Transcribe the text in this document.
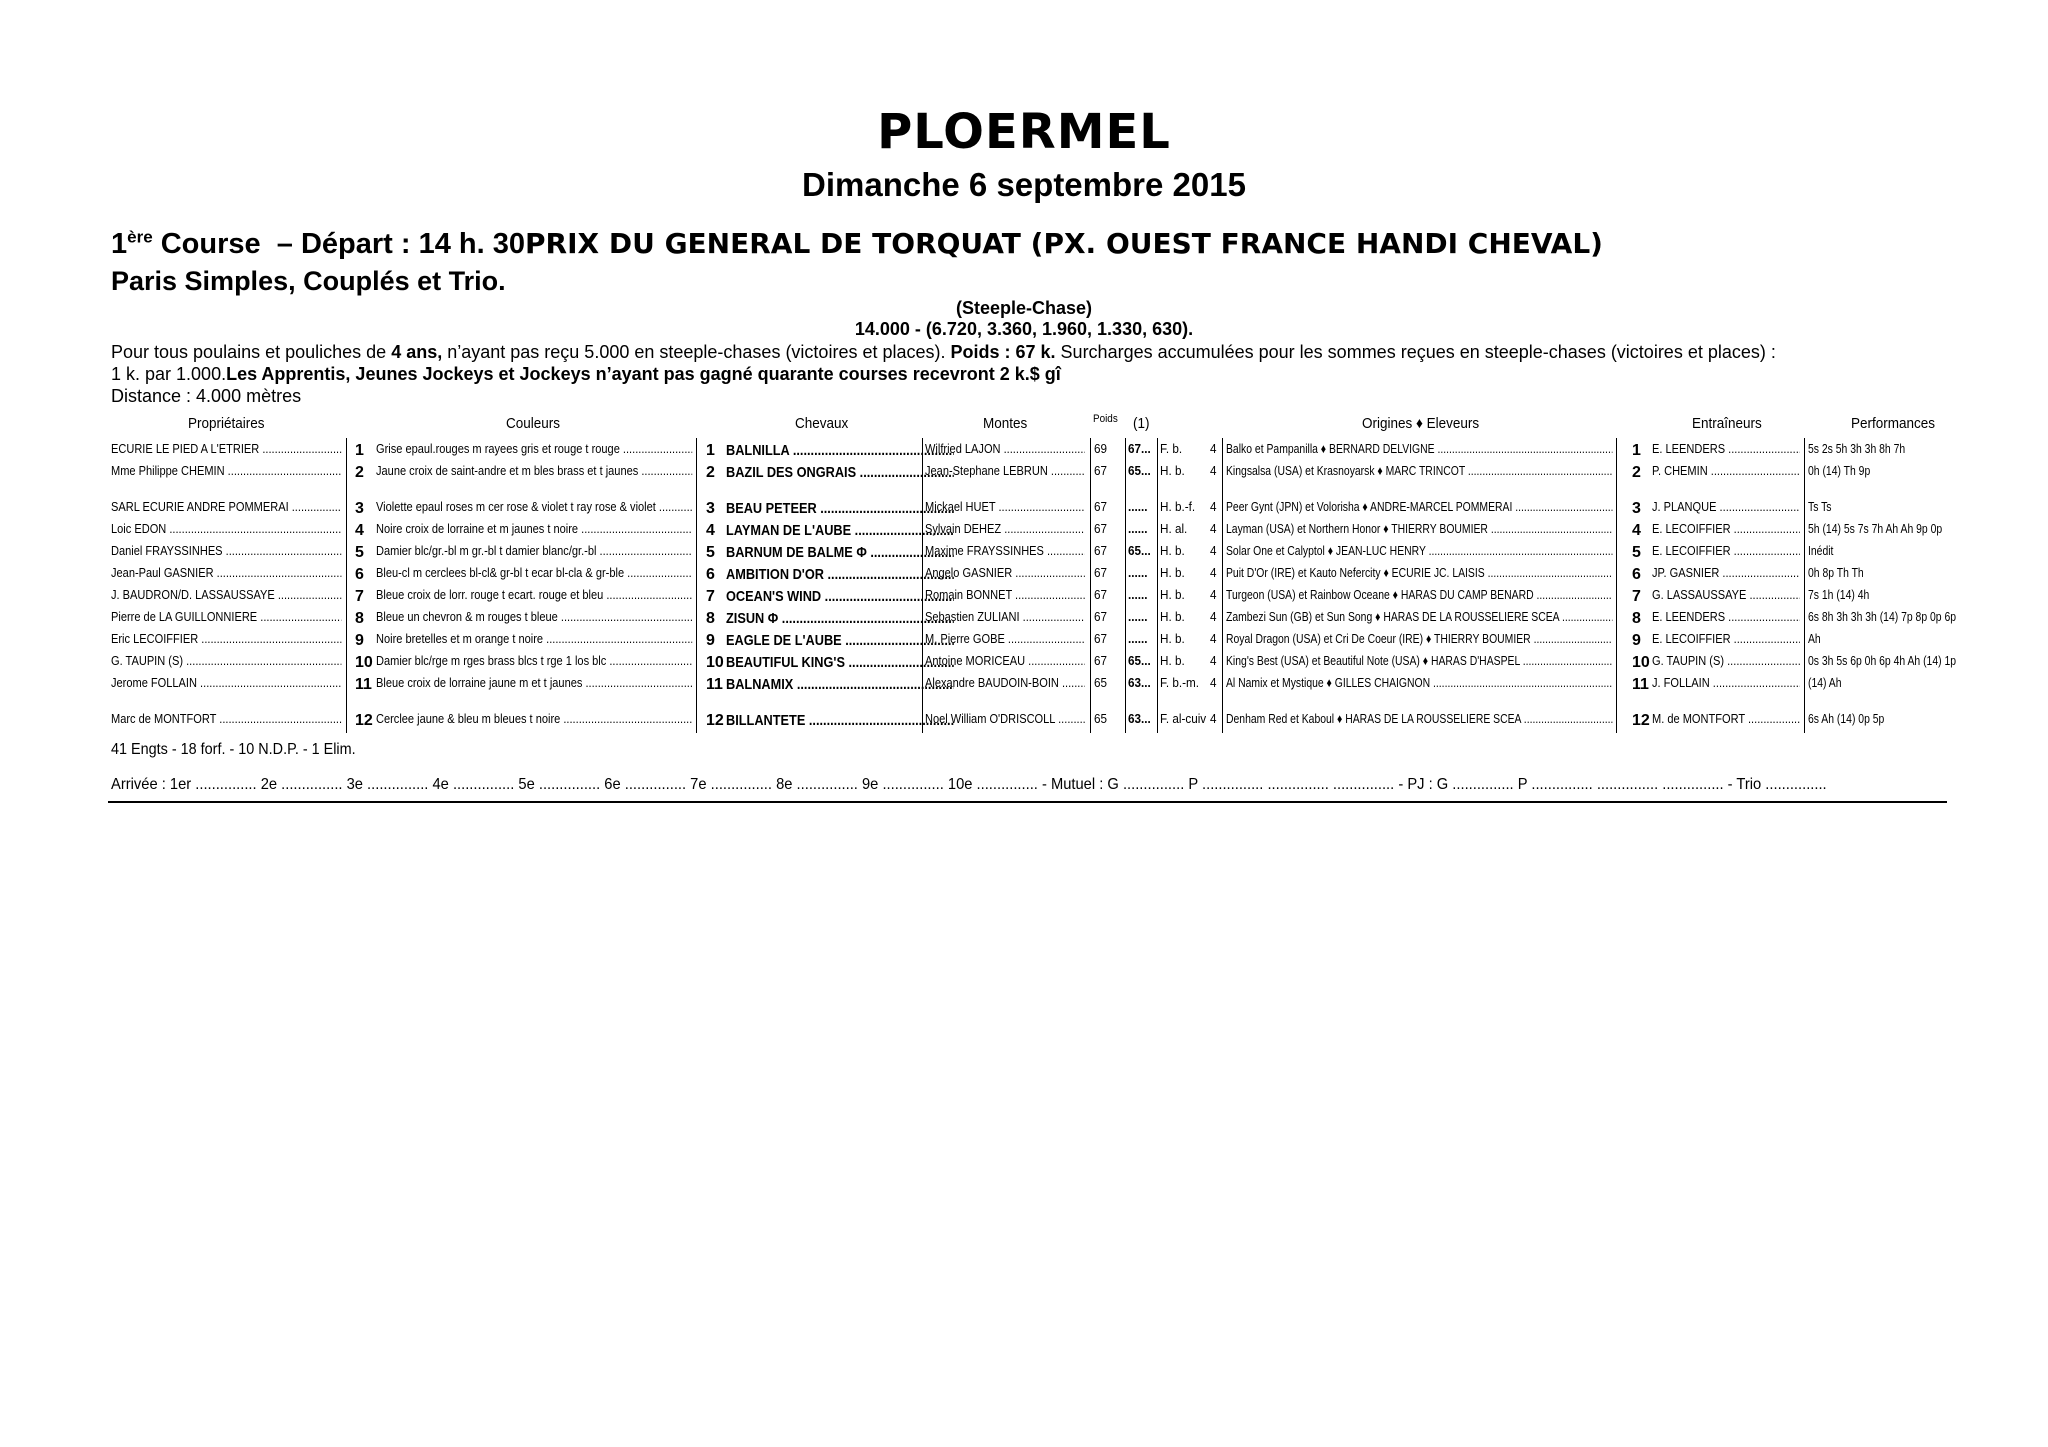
PLOERMEL
Dimanche 6 septembre 2015
1ère Course – Départ : 14 h. 30PRIX DU GENERAL DE TORQUAT (PX. OUEST FRANCE HANDI CHEVAL)
Paris Simples, Couplés et Trio.
(Steeple-Chase)
14.000 - (6.720, 3.360, 1.960, 1.330, 630).
Pour tous poulains et pouliches de 4 ans, n’ayant pas reçu 5.000 en steeple-chases (victoires et places). Poids : 67 k. Surcharges accumulées pour les sommes reçues en steeple-chases (victoires et places) :
1 k. par 1.000.Les Apprentis, Jeunes Jockeys et Jockeys n’ayant pas gagné quarante courses recevront 2 k.$ gî
Distance : 4.000 mètres
Propriétaires	Couleurs	Chevaux	Montes	Poids (1)	Origines ♦ Eleveurs	Entraîneurs	Performances
ECURIE LE PIED A L'ETRIER .....	1 Grise epaul.rouges m rayees gris et rouge t rouge .....	1 BALNILLA .....	Wilfried LAJON .....	69	67... F. b.	4 Balko et Pampanilla ♦ BERNARD DELVIGNE .....	1 E. LEENDERS .....	5s 2s 5h 3h 3h 8h 7h
Mme Philippe CHEMIN .....	2 Jaune croix de saint-andre et m bles brass et t jaunes .....	2 BAZIL DES ONGRAIS .....	Jean-Stephane LEBRUN .....	67	65... H. b.	4 Kingsalsa (USA) et Krasnoyarsk ♦ MARC TRINCOT .....	2 P. CHEMIN .....	0h (14) Th 9p
SARL ECURIE ANDRE POMMERAI .....	3 Violette epaul roses m cer rose & violet t ray rose & violet .....	3 BEAU PETEER .....	Mickael HUET .....	67	...... H. b.-f.	4 Peer Gynt (JPN) et Volorisha ♦ ANDRE-MARCEL POMMERAI .....	3 J. PLANQUE .....	Ts Ts
Loic EDON .....	4 Noire croix de lorraine et m jaunes t noire .....	4 LAYMAN DE L'AUBE .....	Sylvain DEHEZ .....	67	...... H. al.	4 Layman (USA) et Northern Honor ♦ THIERRY BOUMIER .....	4 E. LECOIFFIER .....	5h (14) 5s 7s 7h Ah Ah 9p 0p
Daniel FRAYSSINHES .....	5 Damier blc/gr.-bl m gr.-bl t damier blanc/gr.-bl .....	5 BARNUM DE BALME Φ .....	Maxime FRAYSSINHES .....	67	65... H. b.	4 Solar One et Calyptol ♦ JEAN-LUC HENRY .....	5 E. LECOIFFIER .....	Inédit
Jean-Paul GASNIER .....	6 Bleu-cl m cerclees bl-cl& gr-bl t ecar bl-cla & gr-ble .....	6 AMBITION D'OR .....	Angelo GASNIER .....	67	...... H. b.	4 Puit D'Or (IRE) et Kauto Nefercity ♦ ECURIE JC. LAISIS .....	6 JP. GASNIER .....	0h 8p Th Th
J. BAUDRON/D. LASSAUSSAYE .....	7 Bleue croix de lorr. rouge t ecart. rouge et bleu .....	7 OCEAN'S WIND .....	Romain BONNET .....	67	...... H. b.	4 Turgeon (USA) et Rainbow Oceane ♦ HARAS DU CAMP BENARD .....	7 G. LASSAUSSAYE .....	7s 1h (14) 4h
Pierre de LA GUILLONNIERE .....	8 Bleue un chevron & m rouges t bleue .....	8 ZISUN Φ .....	Sebastien ZULIANI .....	67	...... H. b.	4 Zambezi Sun (GB) et Sun Song ♦ HARAS DE LA ROUSSELIERE SCEA .....	8 E. LEENDERS .....	6s 8h 3h 3h 3h (14) 7p 8p 0p 6p
Eric LECOIFFIER .....	9 Noire bretelles et m orange t noire .....	9 EAGLE DE L'AUBE .....	M. Pierre GOBE .....	67	...... H. b.	4 Royal Dragon (USA) et Cri De Coeur (IRE) ♦ THIERRY BOUMIER .....	9 E. LECOIFFIER .....	Ah
G. TAUPIN (S) .....	10 Damier blc/rge m rges brass blcs t rge 1 los blc .....	10 BEAUTIFUL KING'S .....	Antoine MORICEAU .....	67	65... H. b.	4 King's Best (USA) et Beautiful Note (USA) ♦ HARAS D'HASPEL .....	10 G. TAUPIN (S) .....	0s 3h 5s 6p 0h 6p 4h Ah (14) 1p
Jerome FOLLAIN .....	11 Bleue croix de lorraine jaune m et t jaunes .....	11 BALNAMIX .....	Alexandre BAUDOIN-BOIN .....	65	63... F. b.-m. 4 Al Namix et Mystique ♦ GILLES CHAIGNON .....	11 J. FOLLAIN .....	(14) Ah
Marc de MONTFORT .....	12 Cerclee jaune & bleu m bleues t noire .....	12 BILLANTETE .....	Noel William O'DRISCOLL .....	65	63... F. al-cuiv 4 Denham Red et Kaboul ♦ HARAS DE LA ROUSSELIERE SCEA .....	12 M. de MONTFORT .....	6s Ah (14) 0p 5p
41 Engts - 18 forf. - 10 N.D.P. - 1 Elim.
Arrivée : 1er ............... 2e ............... 3e ............... 4e ............... 5e ............... 6e ............... 7e ............... 8e ............... 9e ............... 10e ............... - Mutuel : G ............... P ............... ............... ............... - PJ : G ............... P ............... ............... ............... - Trio ...............
